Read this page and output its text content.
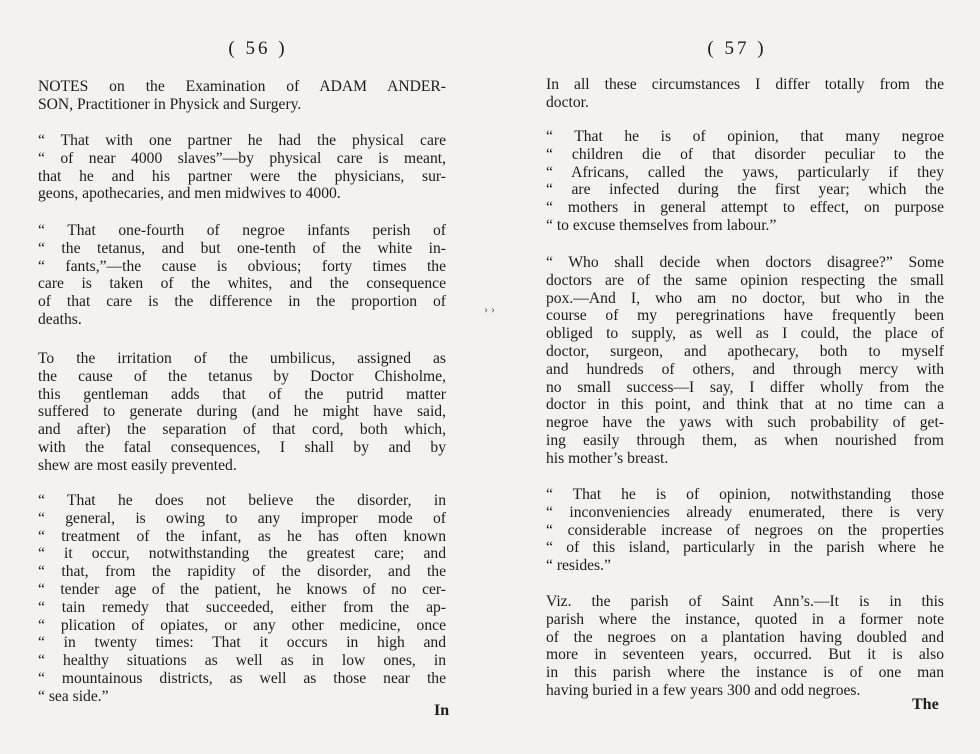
( 56 )

NOTES on the Examination of ADAM ANDER-
SON, Practitioner in Physick and Surgery.

“ That with one partner he had the physical care
“ of near 4000 slaves”—by physical care is meant,
that he and his partner were the physicians, sur-
geons, apothecaries, and men midwives to 4000.

“ That one-fourth of negroe infants perish of
“ the tetanus, and but one-tenth of the white in-
“ fants,”—the cause is obvious; forty times the
care is taken of the whites, and the consequence
of that care is the difference in the proportion of
deaths.

To the irritation of the umbilicus, assigned as
the cause of the tetanus by Doctor Chisholme,
this gentleman adds that of the putrid matter
suffered to generate during (and he might have said,
and after) the separation of that cord, both which,
with the fatal consequences, I shall by and by
shew are most easily prevented.

“ That he does not believe the disorder, in
“ general, is owing to any improper mode of
“ treatment of the infant, as he has often known
“ it occur, notwithstanding the greatest care; and
“ that, from the rapidity of the disorder, and the
“ tender age of the patient, he knows of no cer-
“ tain remedy that succeeded, either from the ap-
“ plication of opiates, or any other medicine, once
“ in twenty times: That it occurs in high and
“ healthy situations as well as in low ones, in
“ mountainous districts, as well as those near the
“ sea side.”

In
( 57 )

In all these circumstances I differ totally from the
doctor.

“ That he is of opinion, that many negroe
“ children die of that disorder peculiar to the
“ Africans, called the yaws, particularly if they
“ are infected during the first year; which the
“ mothers in general attempt to effect, on purpose
“ to excuse themselves from labour.”

“ Who shall decide when doctors disagree?” Some
doctors are of the same opinion respecting the small
pox.—And I, who am no doctor, but who in the
course of my peregrinations have frequently been
obliged to supply, as well as I could, the place of
doctor, surgeon, and apothecary, both to myself
and hundreds of others, and through mercy with
no small success—I say, I differ wholly from the
doctor in this point, and think that at no time can a
negroe have the yaws with such probability of get-
ing easily through them, as when nourished from
his mother’s breast.

“ That he is of opinion, notwithstanding those
“ inconveniencies already enumerated, there is very
“ considerable increase of negroes on the properties
“ of this island, particularly in the parish where he
“ resides.”

Viz. the parish of Saint Ann’s.—It is in this
parish where the instance, quoted in a former note
of the negroes on a plantation having doubled and
more in seventeen years, occurred. But it is also
in this parish where the instance is of one man
having buried in a few years 300 and odd negroes.

The
› ›
